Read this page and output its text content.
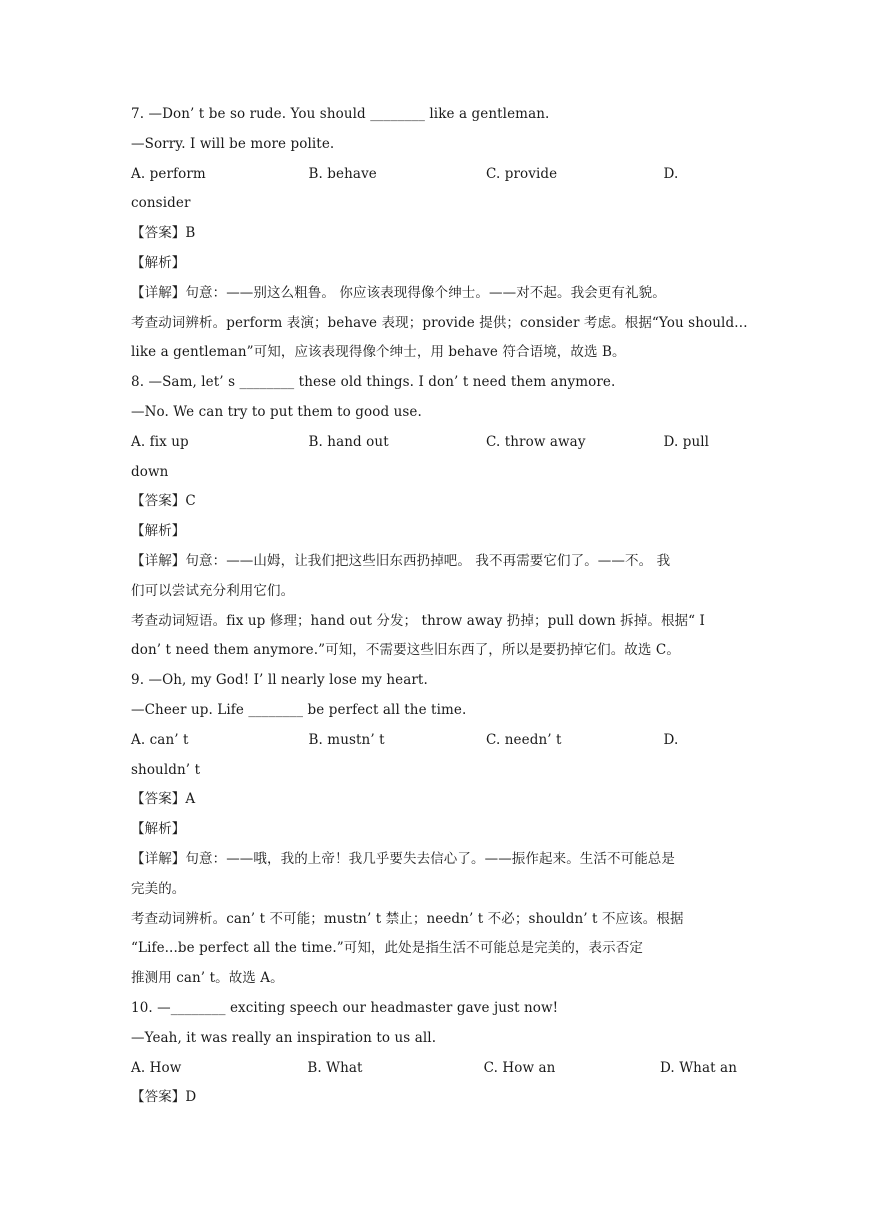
7. —Don’ t be so rude. You should ________ like a gentleman.
—Sorry. I will be more polite.
A. perform	B. behave	C. provide	D.
consider
【答案】B
【解析】
【详解】句意：——别这么粗鲁。 你应该表现得像个绅士。——对不起。我会更有礼貌。
考查动词辨析。perform 表演；behave 表现；provide 提供；consider 考虑。根据“You should…
like a gentleman”可知，应该表现得像个绅士，用 behave 符合语境，故选 B。
8. —Sam, let’ s ________ these old things. I don’ t need them anymore.
—No. We can try to put them to good use.
A. fix up	B. hand out	C. throw away	D. pull
down
【答案】C
【解析】
【详解】句意：——山姆，让我们把这些旧东西扔掉吧。 我不再需要它们了。——不。 我
们可以尝试充分利用它们。
考查动词短语。fix up 修理；hand out 分发； throw away 扔掉；pull down 拆掉。根据“ I
don’ t need them anymore.”可知，不需要这些旧东西了，所以是要扔掉它们。故选 C。
9. —Oh, my God! I’ ll nearly lose my heart.
—Cheer up. Life ________ be perfect all the time.
A. can’ t	B. mustn’ t	C. needn’ t	D.
shouldn’ t
【答案】A
【解析】
【详解】句意：——哦，我的上帝！我几乎要失去信心了。——振作起来。生活不可能总是
完美的。
考查动词辨析。can’ t 不可能；mustn’ t 禁止；needn’ t 不必；shouldn’ t 不应该。根据
“Life...be perfect all the time.”可知，此处是指生活不可能总是完美的，表示否定
推测用 can’ t。故选 A。
10. —________ exciting speech our headmaster gave just now!
—Yeah, it was really an inspiration to us all.
A. How	B. What	C. How an	D. What an
【答案】D
